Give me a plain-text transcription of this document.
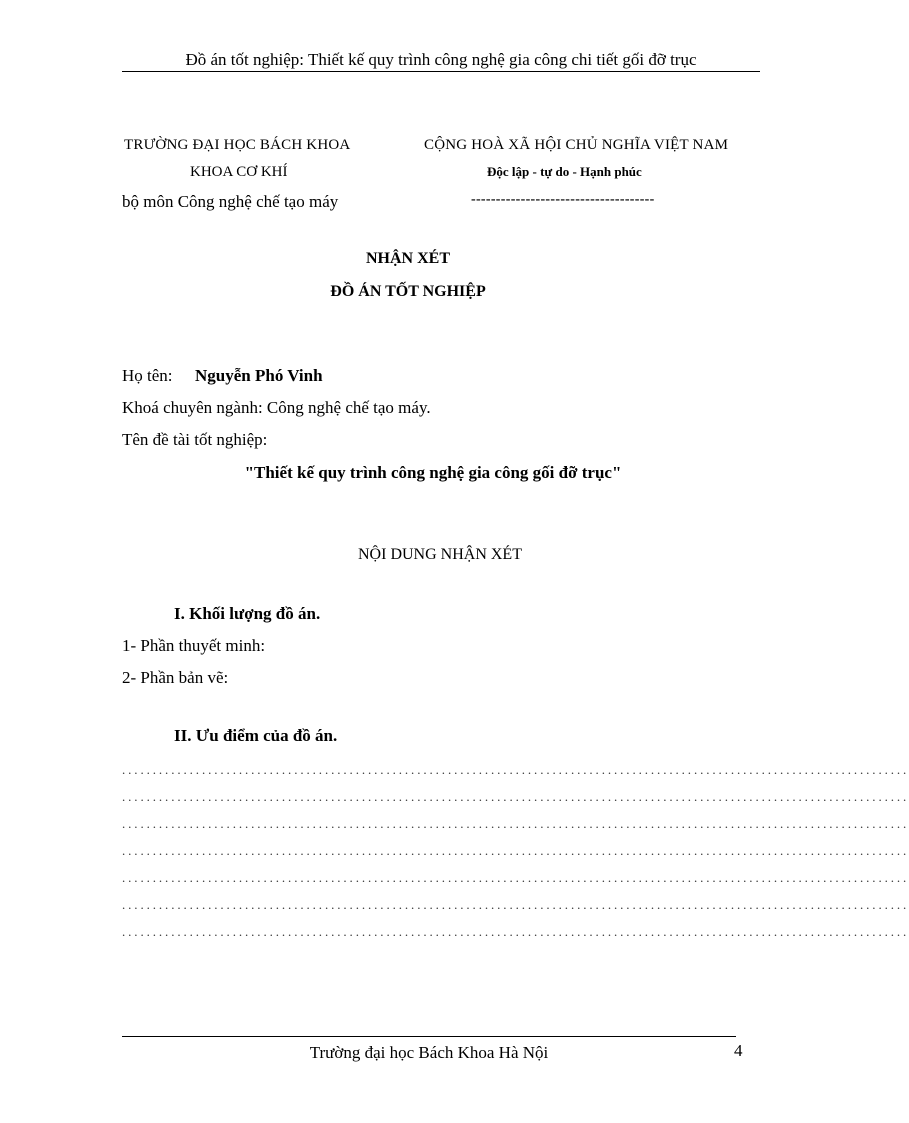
Đồ án tốt nghiệp: Thiết kế quy trình công nghệ gia công chi tiết gối đỡ trục
TRƯỜNG ĐẠI HỌC BÁCH KHOA
KHOA CƠ KHÍ
bộ môn Công nghệ chế tạo máy
CỘNG HOÀ XÃ HỘI CHỦ NGHĨA VIỆT NAM
Độc lập - tự do - Hạnh phúc
-------------------------------------
NHẬN XÉT
ĐỒ ÁN TỐT NGHIỆP
Họ tên: Nguyễn Phó Vinh
Khoá chuyên ngành: Công nghệ chế tạo máy.
Tên đề tài tốt nghiệp:
"Thiết kế quy trình công nghệ gia công gối đỡ trục"
NỘI DUNG NHẬN XÉT
I. Khối lượng đồ án.
1- Phần thuyết minh:
2- Phần bản vẽ:
II. Ưu điểm của đồ án.
................................................................................................................................
................................................................................................................................
................................................................................................................................
................................................................................................................................
................................................................................................................................
................................................................................................................................
................................................................................................................................
Trường đại học Bách Khoa Hà Nội	4
